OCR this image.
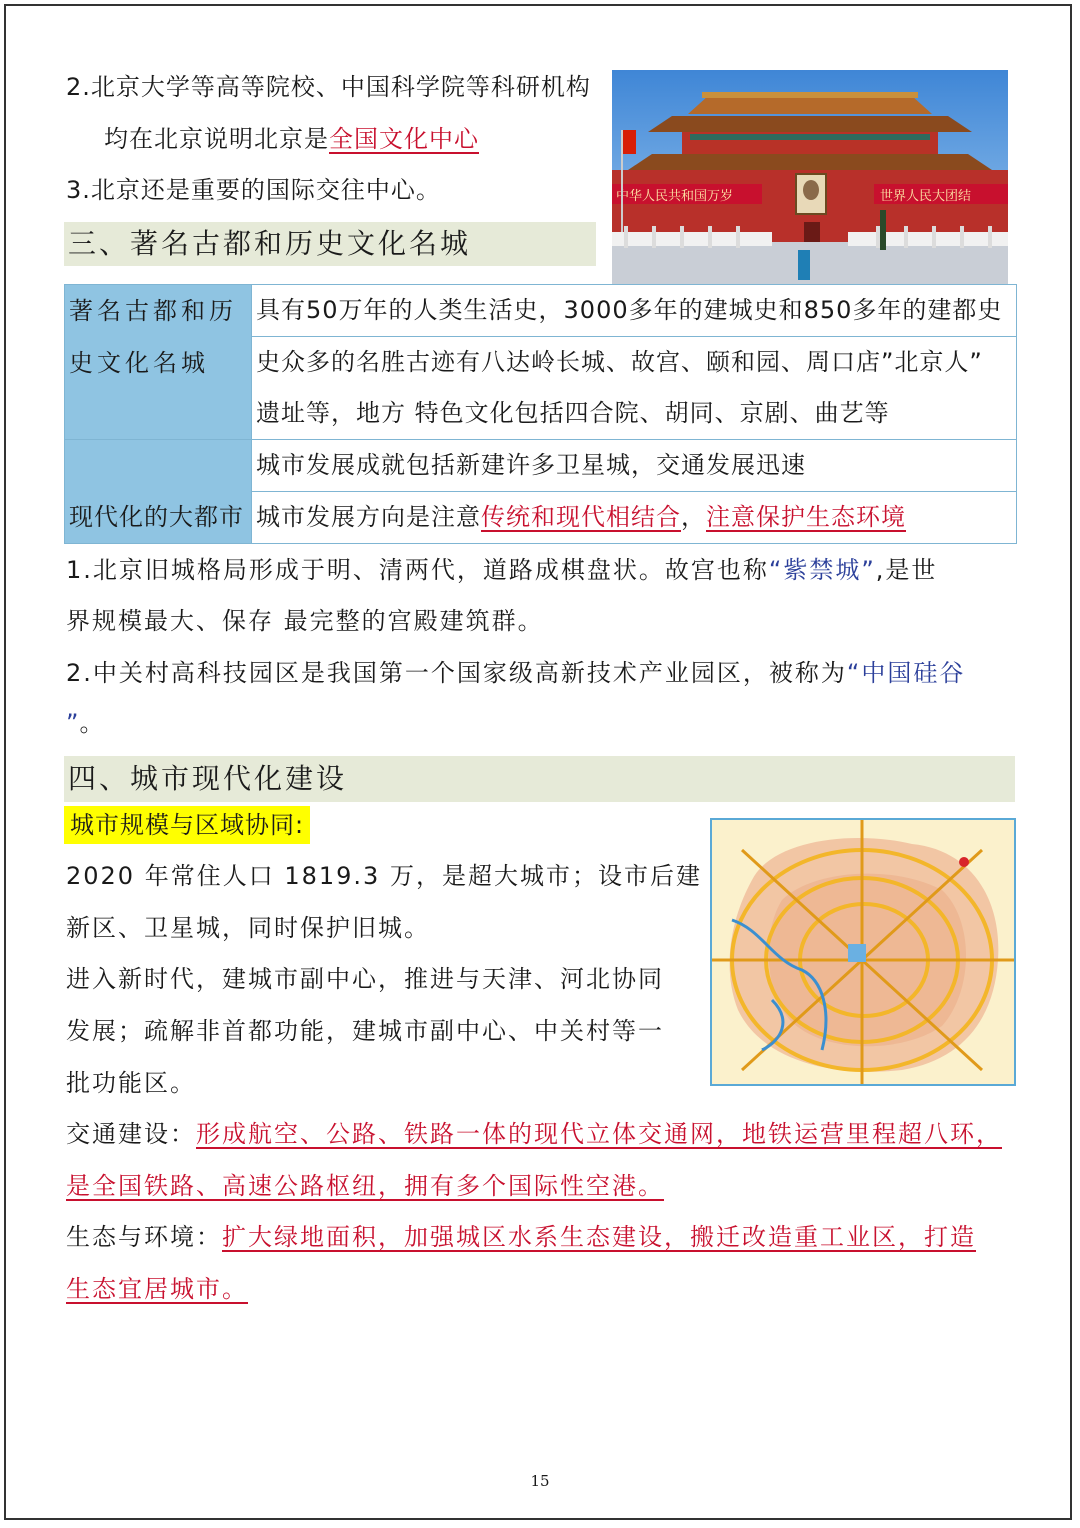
2.北京大学等高等院校、中国科学院等科研机构
均在北京说明北京是全国文化中心
3.北京还是重要的国际交往中心。	中华人民共和国万岁	世界人民大团结
三、著名古都和历史文化名城
著名古都和历
史文化名城	具有50万年的人类生活史，3000多年的建城史和850多年的建都史
	史众多的名胜古迹有八达岭长城、故宫、颐和园、周口店”北京人”
	遗址等，地方 特色文化包括四合院、胡同、京剧、曲艺等
现代化的大都市	城市发展成就包括新建许多卫星城，交通发展迅速
	城市发展方向是注意传统和现代相结合，注意保护生态环境
1.北京旧城格局形成于明、清两代，道路成棋盘状。故宫也称“紫禁城”,是世
界规模最大、保存 最完整的宫殿建筑群。
2.中关村高科技园区是我国第一个国家级高新技术产业园区，被称为“中国硅谷
”。
四、城市现代化建设
城市规模与区域协同:
2020 年常住人口 1819.3 万，是超大城市；设市后建
新区、卫星城，同时保护旧城。
进入新时代，建城市副中心，推进与天津、河北协同
发展；疏解非首都功能，建城市副中心、中关村等一
批功能区。
交通建设：形成航空、公路、铁路一体的现代立体交通网，地铁运营里程超八环，
是全国铁路、高速公路枢纽，拥有多个国际性空港。
生态与环境：扩大绿地面积，加强城区水系生态建设，搬迁改造重工业区，打造
生态宜居城市。
15
